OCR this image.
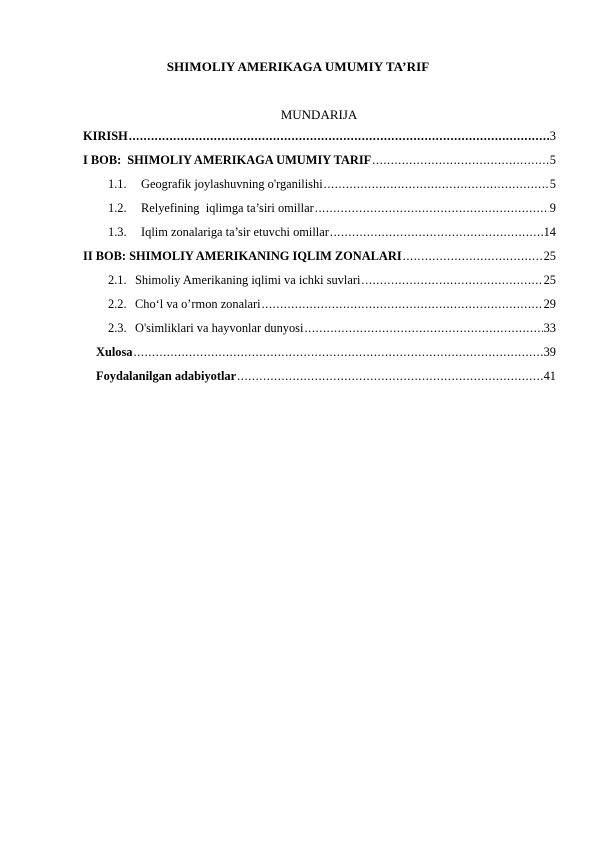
SHIMOLIY AMERIKAGA UMUMIY TA’RIF
MUNDARIJA
KIRISH .....	3
I BOB: SHIMOLIY AMERIKAGA UMUMIY TARIF .....	5
1.1.	Geografik joylashuvning o'rganilishi .....	5
1.2.	Relyefining  iqlimga ta’siri omillar .....	9
1.3.	Iqlim zonalariga ta’sir etuvchi omillar .....	14
II BOB: SHIMOLIY AMERIKANING IQLIM ZONALARI .....	25
2.1. Shimoliy Amerikaning iqlimi va ichki suvlari .....	25
2.2. Cho‘l va o’rmon zonalari .....	29
2.3. O'simliklari va hayvonlar dunyosi .....	33
Xulosa .....	39
Foydalanilgan adabiyotlar .....	41
